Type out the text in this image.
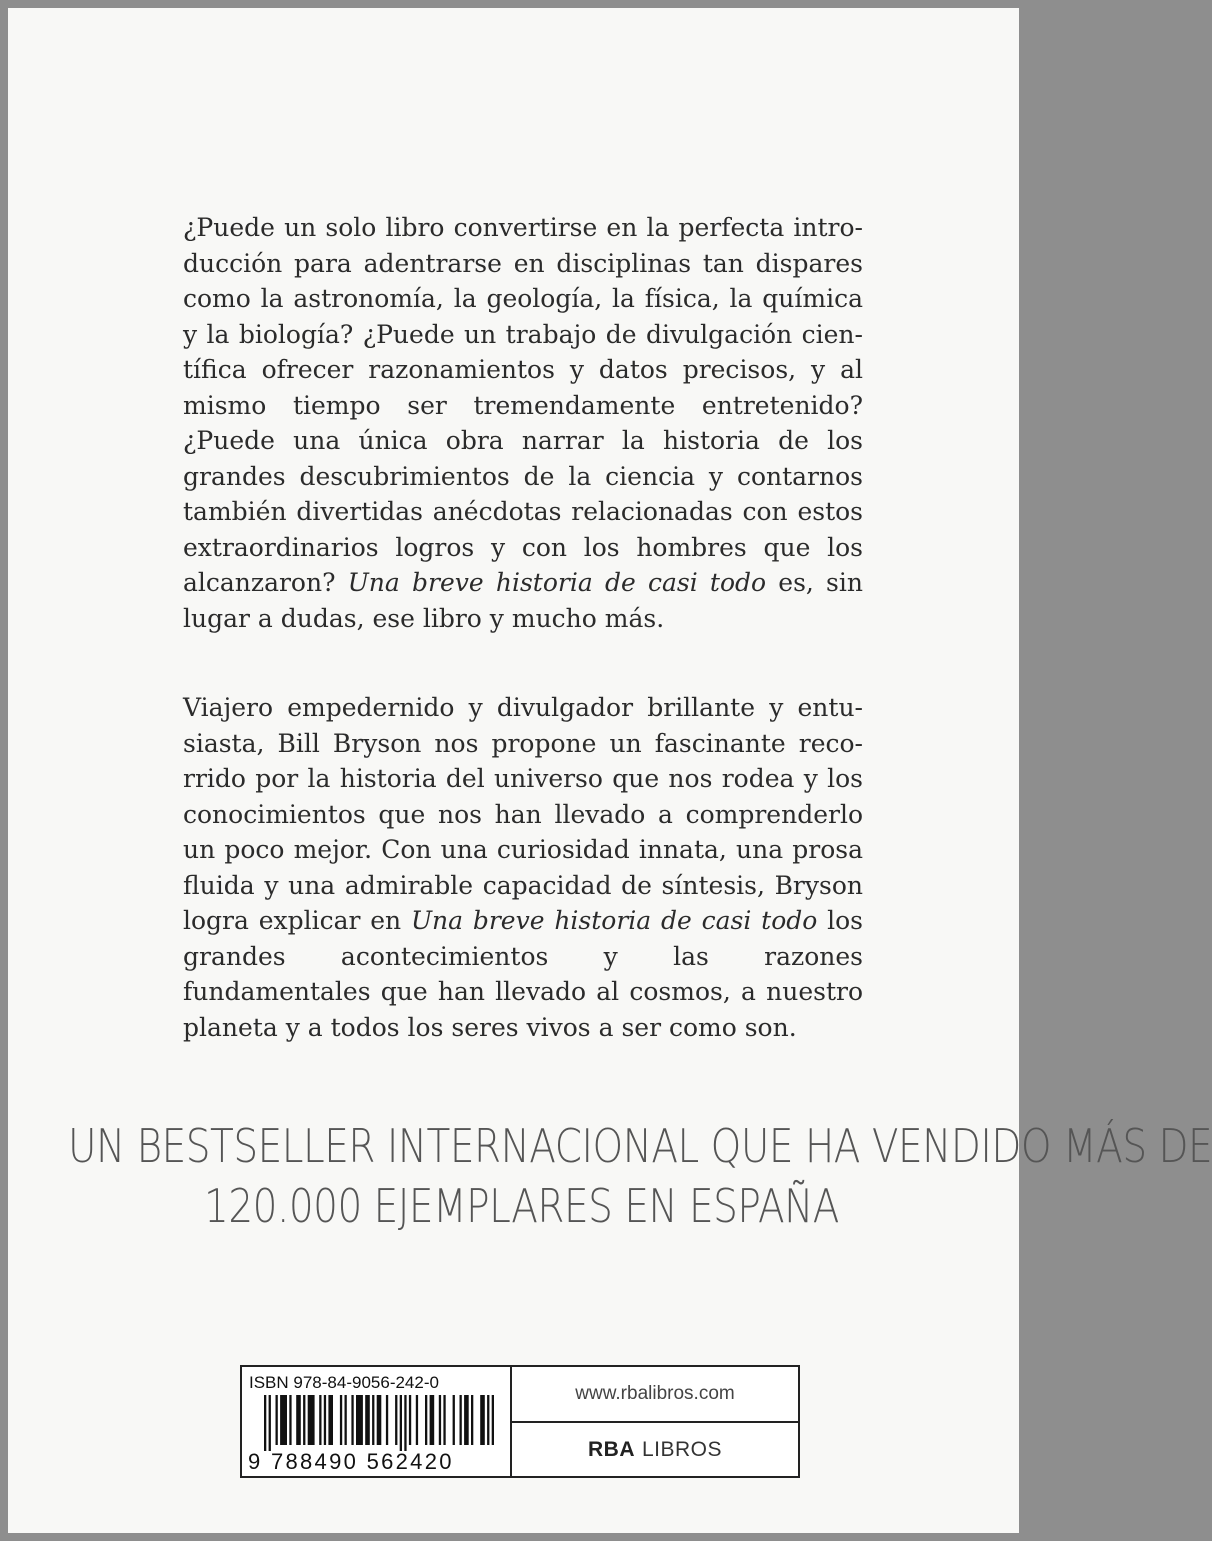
¿Puede un solo libro convertirse en la perfecta introducción para adentrarse en disciplinas tan dispares como la astronomía, la geología, la física, la química y la biología? ¿Puede un trabajo de divulgación científica ofrecer razonamientos y datos precisos, y al mismo tiempo ser tremendamente entretenido? ¿Puede una única obra narrar la historia de los grandes descubrimientos de la ciencia y contarnos también divertidas anécdotas relacionadas con estos extraordinarios logros y con los hombres que los alcanzaron? Una breve historia de casi todo es, sin lugar a dudas, ese libro y mucho más.

Viajero empedernido y divulgador brillante y entusiasta, Bill Bryson nos propone un fascinante recorrido por la historia del universo que nos rodea y los conocimientos que nos han llevado a comprenderlo un poco mejor. Con una curiosidad innata, una prosa fluida y una admirable capacidad de síntesis, Bryson logra explicar en Una breve historia de casi todo los grandes acontecimientos y las razones fundamentales que han llevado al cosmos, a nuestro planeta y a todos los seres vivos a ser como son.

UN BESTSELLER INTERNACIONAL QUE HA VENDIDO MÁS DE
120.000 EJEMPLARES EN ESPAÑA
ISBN 978-84-9056-242-0
9 788490 562420
www.rbalibros.com
RBA LIBROS
